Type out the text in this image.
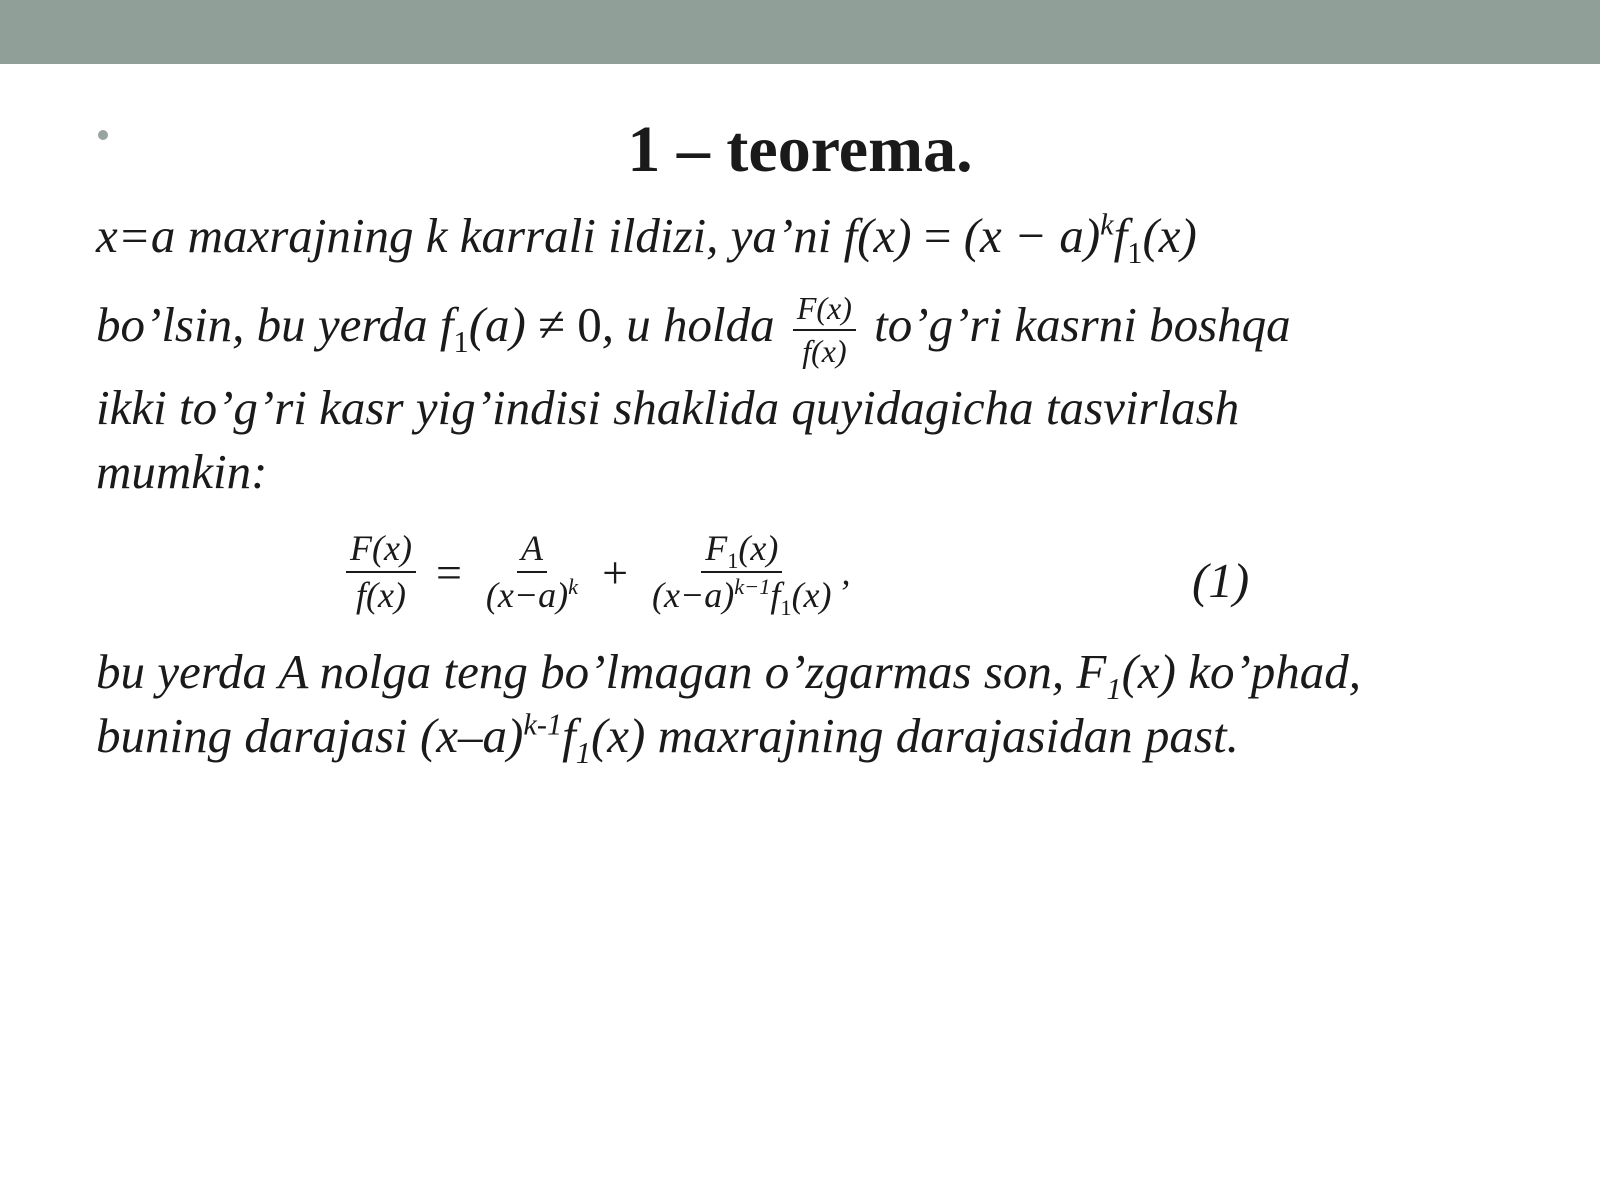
1 – teorema.
x=a maxrajning k karrali ildizi, ya’ni $f(x) = (x - a)^kf_1(x)$
bo’lsin, bu yerda $f_1(a) \ne 0$, u holda $\frac{F(x)}{f(x)}$ to’g’ri kasrni boshqa
ikki to’g’ri kasr yig’indisi shaklida quyidagicha tasvirlash
mumkin:
$\frac{F(x)}{f(x)} = \frac{A}{(x-a)^k} + \frac{F_1(x)}{(x-a)^{k-1}f_1(x)}$ ,	(1)
bu yerda A nolga teng bo’lmagan o’zgarmas son, $F_1(x)$ ko’phad,
buning darajasi $(x-a)^{k-1}f_1(x)$ maxrajning darajasidan past.
